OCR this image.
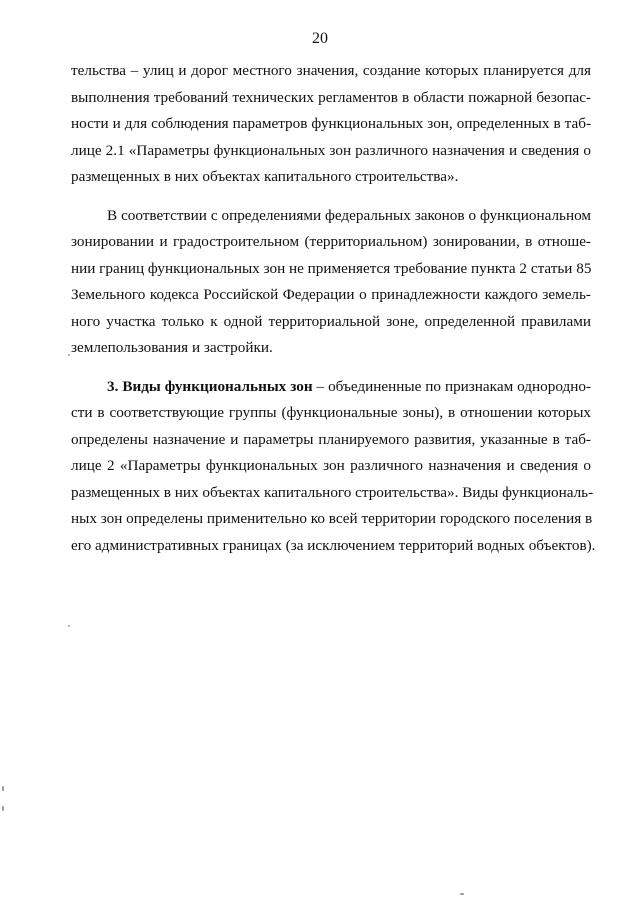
20
тельства – улиц и дорог местного значения, создание которых планируется для
выполнения требований технических регламентов в области пожарной безопас-
ности и для соблюдения параметров функциональных зон, определенных в таб-
лице 2.1 «Параметры функциональных зон различного назначения и сведения о
размещенных в них объектах капитального строительства».
В соответствии с определениями федеральных законов о функциональном
зонировании и градостроительном (территориальном) зонировании, в отноше-
нии границ функциональных зон не применяется требование пункта 2 статьи 85
Земельного кодекса Российской Федерации о принадлежности каждого земель-
ного участка только к одной территориальной зоне, определенной правилами
землепользования и застройки.
3. Виды функциональных зон – объединенные по признакам однородно-
сти в соответствующие группы (функциональные зоны), в отношении которых
определены назначение и параметры планируемого развития, указанные в таб-
лице 2 «Параметры функциональных зон различного назначения и сведения о
размещенных в них объектах капитального строительства». Виды функциональ-
ных зон определены применительно ко всей территории городского поселения в
его административных границах (за исключением территорий водных объектов).
